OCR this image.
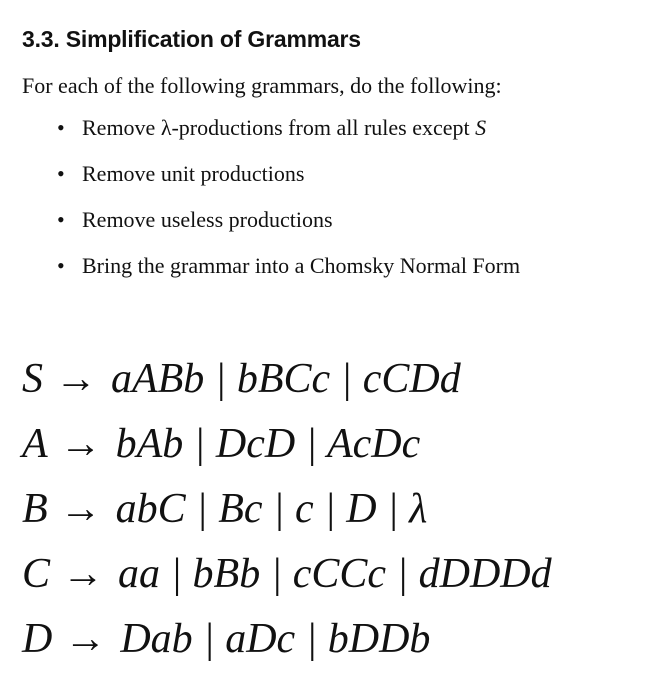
3.3. Simplification of Grammars

For each of the following grammars, do the following:

• Remove λ-productions from all rules except S
• Remove unit productions
• Remove useless productions
• Bring the grammar into a Chomsky Normal Form
S → aABb | bBCc | cCDd
A → bAb | DcD | AcDc
B → abC | Bc | c | D | λ
C → aa | bBb | cCCc | dDDDd
D → Dab | aDc | bDDb
